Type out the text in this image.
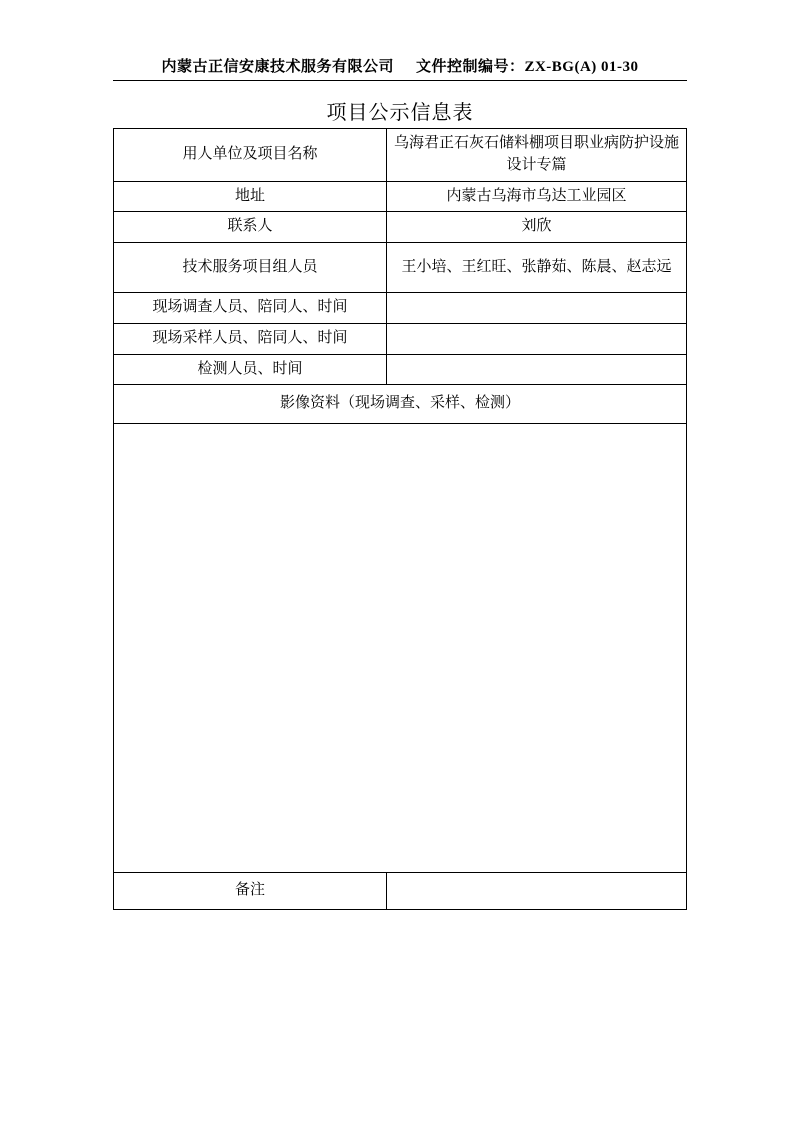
内蒙古正信安康技术服务有限公司 文件控制编号：ZX-BG(A) 01-30
项目公示信息表
用人单位及项目名称	乌海君正石灰石储料棚项目职业病防护设施设计专篇
地址	内蒙古乌海市乌达工业园区
联系人	刘欣
技术服务项目组人员	王小培、王红旺、张静茹、陈晨、赵志远
现场调查人员、陪同人、时间	
现场采样人员、陪同人、时间	
检测人员、时间	
影像资料（现场调查、采样、检测）	

备注	
